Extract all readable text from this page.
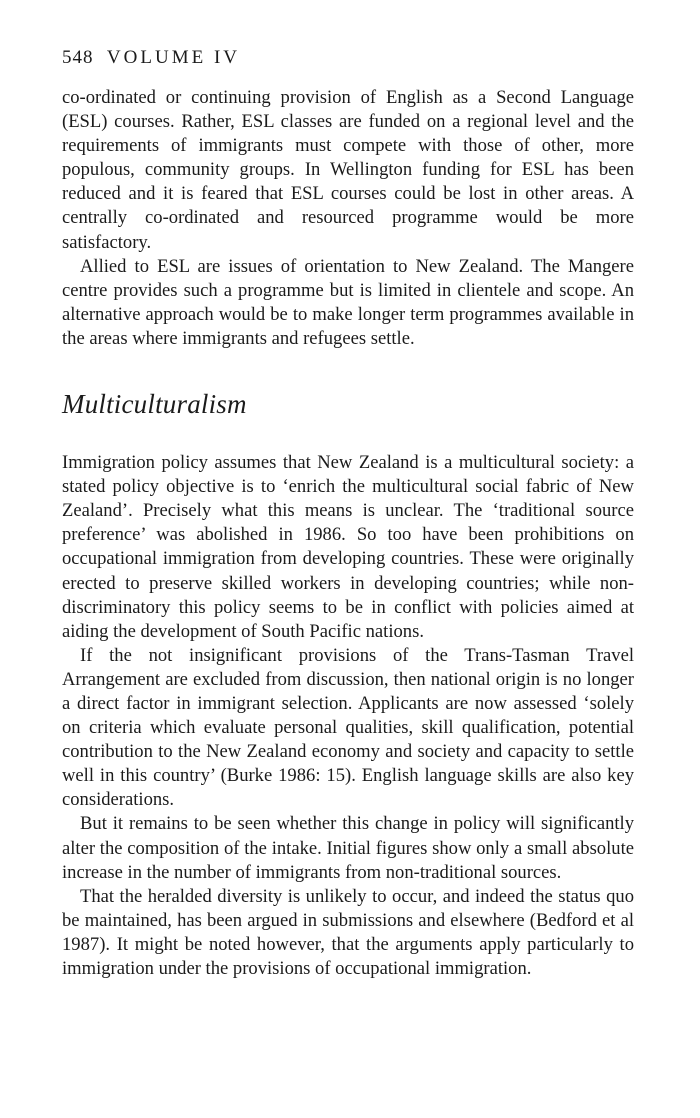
548 VOLUME IV

co-ordinated or continuing provision of English as a Second Language (ESL) courses. Rather, ESL classes are funded on a regional level and the requirements of immigrants must compete with those of other, more populous, community groups. In Wellington funding for ESL has been reduced and it is feared that ESL courses could be lost in other areas. A centrally co-ordinated and resourced programme would be more satisfactory.

Allied to ESL are issues of orientation to New Zealand. The Mangere centre provides such a programme but is limited in clientele and scope. An alternative approach would be to make longer term programmes available in the areas where immigrants and refugees settle.

Multiculturalism

Immigration policy assumes that New Zealand is a multicultural society: a stated policy objective is to ‘enrich the multicultural social fabric of New Zealand’. Precisely what this means is unclear. The ‘traditional source preference’ was abolished in 1986. So too have been prohibitions on occupational immigration from developing countries. These were originally erected to preserve skilled workers in developing countries; while non-discriminatory this policy seems to be in conflict with policies aimed at aiding the development of South Pacific nations.

If the not insignificant provisions of the Trans-Tasman Travel Arrangement are excluded from discussion, then national origin is no longer a direct factor in immigrant selection. Applicants are now assessed ‘solely on criteria which evaluate personal qualities, skill qualification, potential contribution to the New Zealand economy and society and capacity to settle well in this country’ (Burke 1986: 15). English language skills are also key considerations.

But it remains to be seen whether this change in policy will significantly alter the composition of the intake. Initial figures show only a small absolute increase in the number of immigrants from non-traditional sources.

That the heralded diversity is unlikely to occur, and indeed the status quo be maintained, has been argued in submissions and elsewhere (Bedford et al 1987). It might be noted however, that the arguments apply particularly to immigration under the provisions of occupational immigration.
